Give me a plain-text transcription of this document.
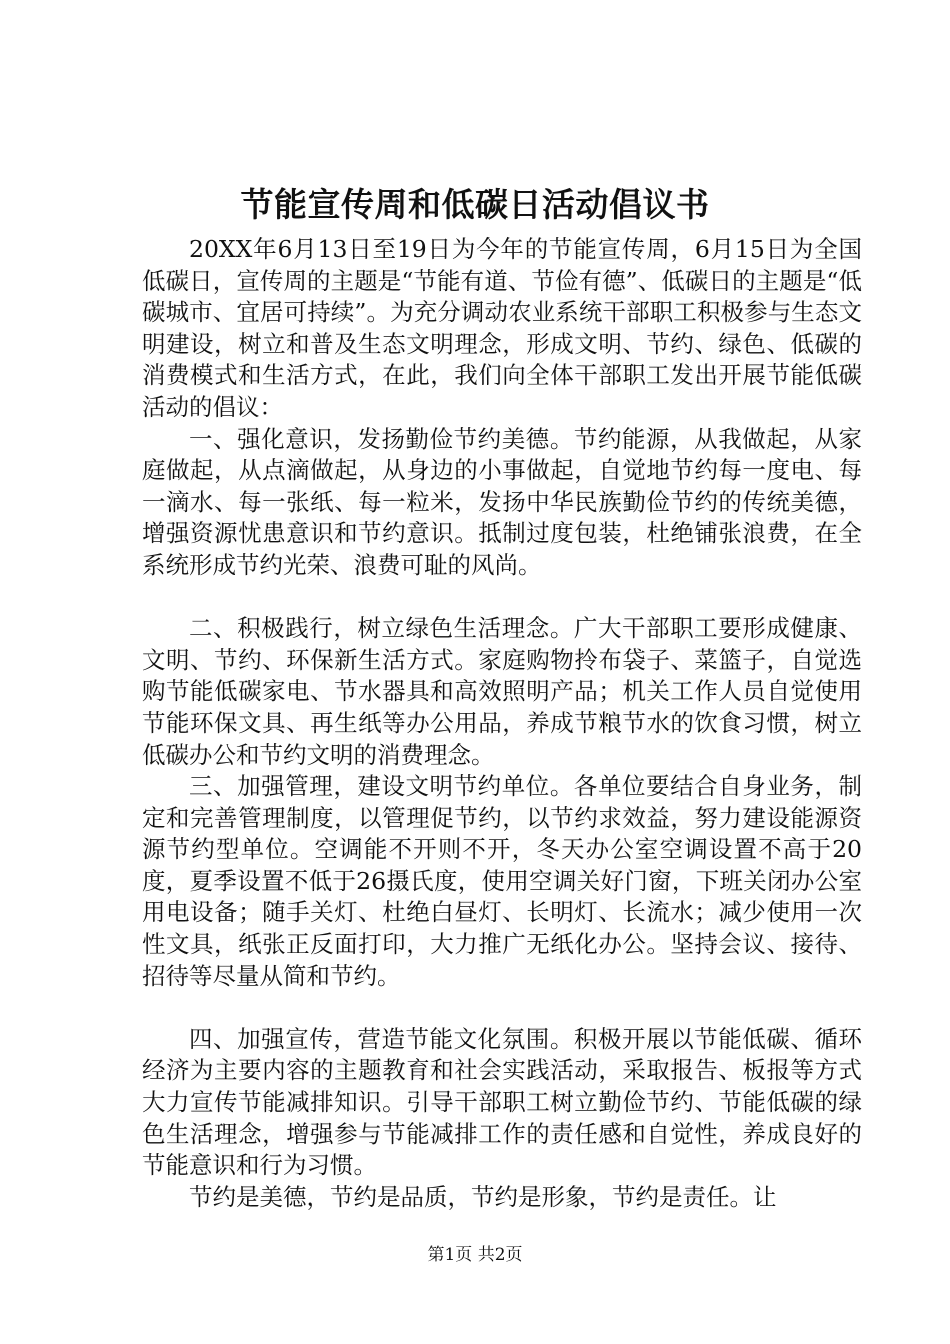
节能宣传周和低碳日活动倡议书

20XX年6月13日至19日为今年的节能宣传周，6月15日为全国低碳日，宣传周的主题是“节能有道、节俭有德”、低碳日的主题是“低碳城市、宜居可持续”。为充分调动农业系统干部职工积极参与生态文明建设，树立和普及生态文明理念，形成文明、节约、绿色、低碳的消费模式和生活方式，在此，我们向全体干部职工发出开展节能低碳活动的倡议：

一、强化意识，发扬勤俭节约美德。节约能源，从我做起，从家庭做起，从点滴做起，从身边的小事做起，自觉地节约每一度电、每一滴水、每一张纸、每一粒米，发扬中华民族勤俭节约的传统美德，增强资源忧患意识和节约意识。抵制过度包装，杜绝铺张浪费，在全系统形成节约光荣、浪费可耻的风尚。

二、积极践行，树立绿色生活理念。广大干部职工要形成健康、文明、节约、环保新生活方式。家庭购物拎布袋子、菜篮子，自觉选购节能低碳家电、节水器具和高效照明产品；机关工作人员自觉使用节能环保文具、再生纸等办公用品，养成节粮节水的饮食习惯，树立低碳办公和节约文明的消费理念。

三、加强管理，建设文明节约单位。各单位要结合自身业务，制定和完善管理制度，以管理促节约，以节约求效益，努力建设能源资源节约型单位。空调能不开则不开，冬天办公室空调设置不高于20度，夏季设置不低于26摄氏度，使用空调关好门窗，下班关闭办公室用电设备；随手关灯、杜绝白昼灯、长明灯、长流水；减少使用一次性文具，纸张正反面打印，大力推广无纸化办公。坚持会议、接待、招待等尽量从简和节约。

四、加强宣传，营造节能文化氛围。积极开展以节能低碳、循环经济为主要内容的主题教育和社会实践活动，采取报告、板报等方式大力宣传节能减排知识。引导干部职工树立勤俭节约、节能低碳的绿色生活理念，增强参与节能减排工作的责任感和自觉性，养成良好的节能意识和行为习惯。

节约是美德，节约是品质，节约是形象，节约是责任。让

第1页 共2页
